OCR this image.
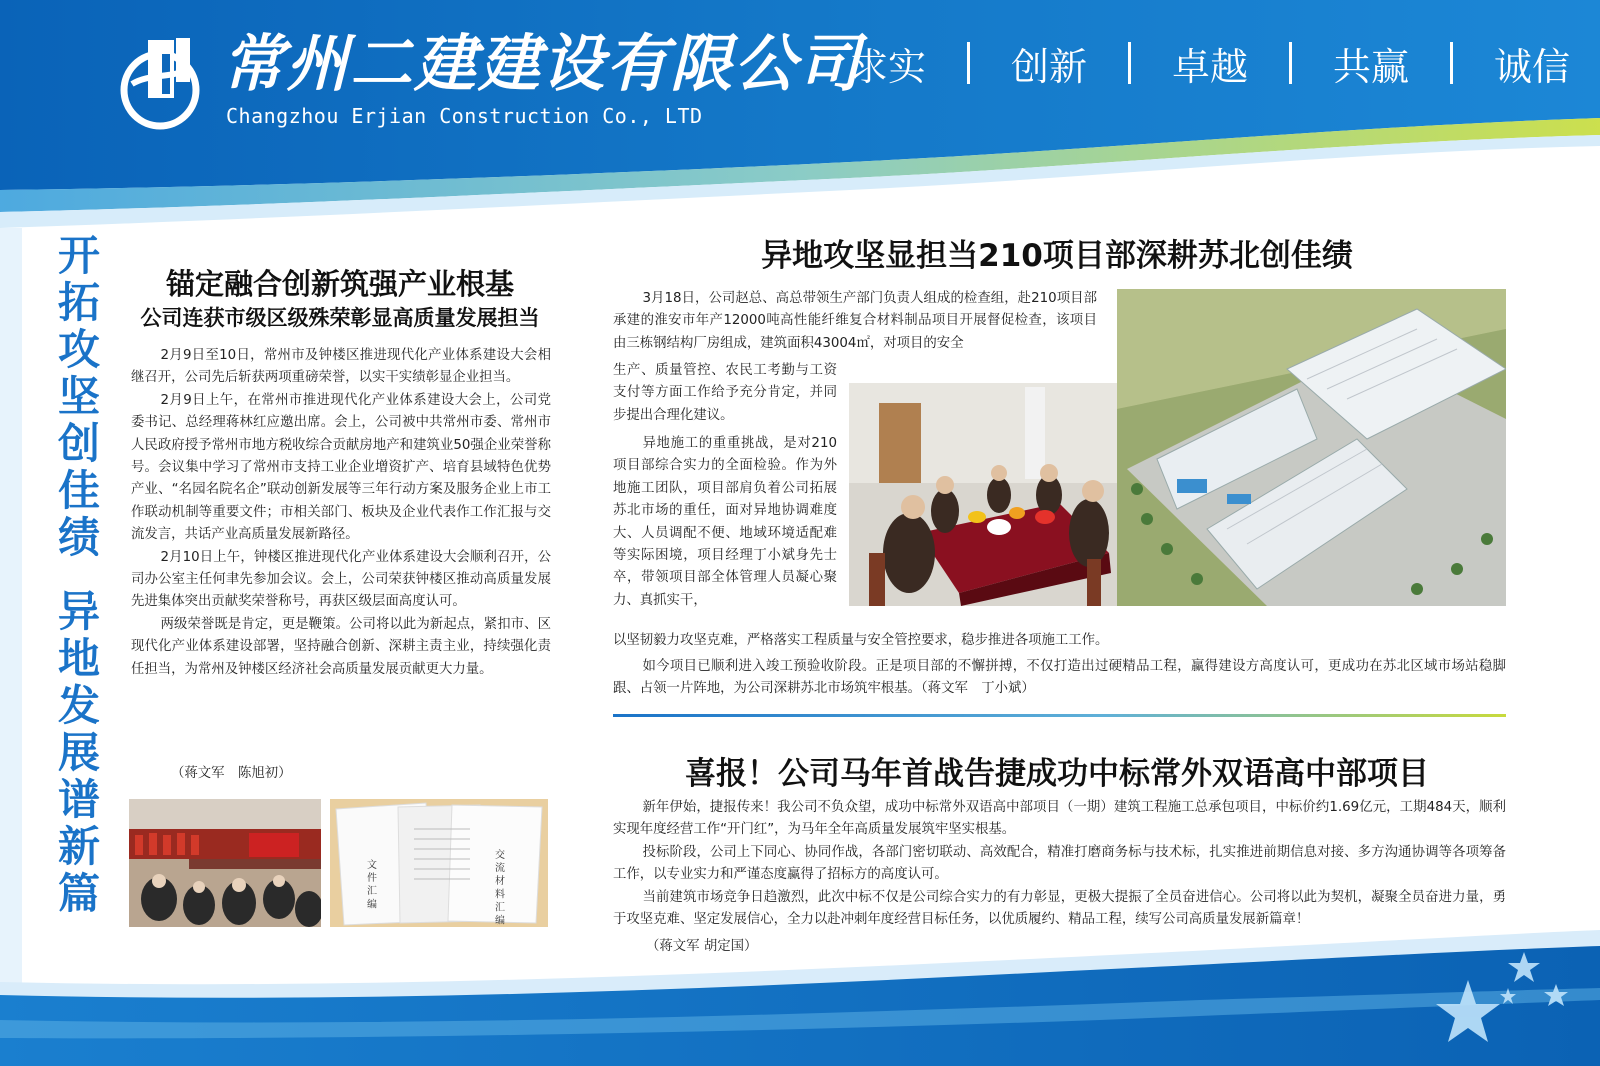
常州二建建设有限公司
Changzhou Erjian Construction Co., LTD
求实 创新 卓越 共赢 诚信
开
拓
攻
坚
创
佳
绩
异
地
发
展
谱
新
篇
锚定融合创新筑强产业根基
公司连获市级区级殊荣彰显高质量发展担当

2月9日至10日，常州市及钟楼区推进现代化产业体系建设大会相继召开，公司先后斩获两项重磅荣誉，以实干实绩彰显企业担当。

2月9日上午，在常州市推进现代化产业体系建设大会上，公司党委书记、总经理蒋林红应邀出席。会上，公司被中共常州市委、常州市人民政府授予常州市地方税收综合贡献房地产和建筑业50强企业荣誉称号。会议集中学习了常州市支持工业企业增资扩产、培育县域特色优势产业、“名园名院名企”联动创新发展等三年行动方案及服务企业上市工作联动机制等重要文件；市相关部门、板块及企业代表作工作汇报与交流发言，共话产业高质量发展新路径。

2月10日上午，钟楼区推进现代化产业体系建设大会顺利召开，公司办公室主任何聿先参加会议。会上，公司荣获钟楼区推动高质量发展先进集体突出贡献奖荣誉称号，再获区级层面高度认可。

两级荣誉既是肯定，更是鞭策。公司将以此为新起点，紧扣市、区现代化产业体系建设部署，坚持融合创新、深耕主责主业，持续强化责任担当，为常州及钟楼区经济社会高质量发展贡献更大力量。

（蒋文军　陈旭初）
文 件 汇 编	交 流 材 料 汇 编
异地攻坚显担当210项目部深耕苏北创佳绩

3月18日，公司赵总、高总带领生产部门负责人组成的检查组，赴210项目部承建的淮安市年产12000吨高性能纤维复合材料制品项目开展督促检查，该项目由三栋钢结构厂房组成，建筑面积43004㎡，对项目的安全

生产、质量管控、农民工考勤与工资支付等方面工作给予充分肯定，并同步提出合理化建议。

异地施工的重重挑战，是对210项目部综合实力的全面检验。作为外地施工团队，项目部肩负着公司拓展苏北市场的重任，面对异地协调难度大、人员调配不便、地域环境适配难等实际困境，项目经理丁小斌身先士卒，带领项目部全体管理人员凝心聚力、真抓实干，

以坚韧毅力攻坚克难，严格落实工程质量与安全管控要求，稳步推进各项施工工作。

如今项目已顺利进入竣工预验收阶段。正是项目部的不懈拼搏，不仅打造出过硬精品工程，赢得建设方高度认可，更成功在苏北区域市场站稳脚跟、占领一片阵地，为公司深耕苏北市场筑牢根基。（蒋文军　丁小斌）

喜报！公司马年首战告捷成功中标常外双语高中部项目

新年伊始，捷报传来！我公司不负众望，成功中标常外双语高中部项目（一期）建筑工程施工总承包项目，中标价约1.69亿元，工期484天，顺利实现年度经营工作“开门红”，为马年全年高质量发展筑牢坚实根基。

投标阶段，公司上下同心、协同作战，各部门密切联动、高效配合，精准打磨商务标与技术标，扎实推进前期信息对接、多方沟通协调等各项筹备工作，以专业实力和严谨态度赢得了招标方的高度认可。

当前建筑市场竞争日趋激烈，此次中标不仅是公司综合实力的有力彰显，更极大提振了全员奋进信心。公司将以此为契机，凝聚全员奋进力量，勇于攻坚克难、坚定发展信心，全力以赴冲刺年度经营目标任务，以优质履约、精品工程，续写公司高质量发展新篇章！

（蒋文军 胡定国）
